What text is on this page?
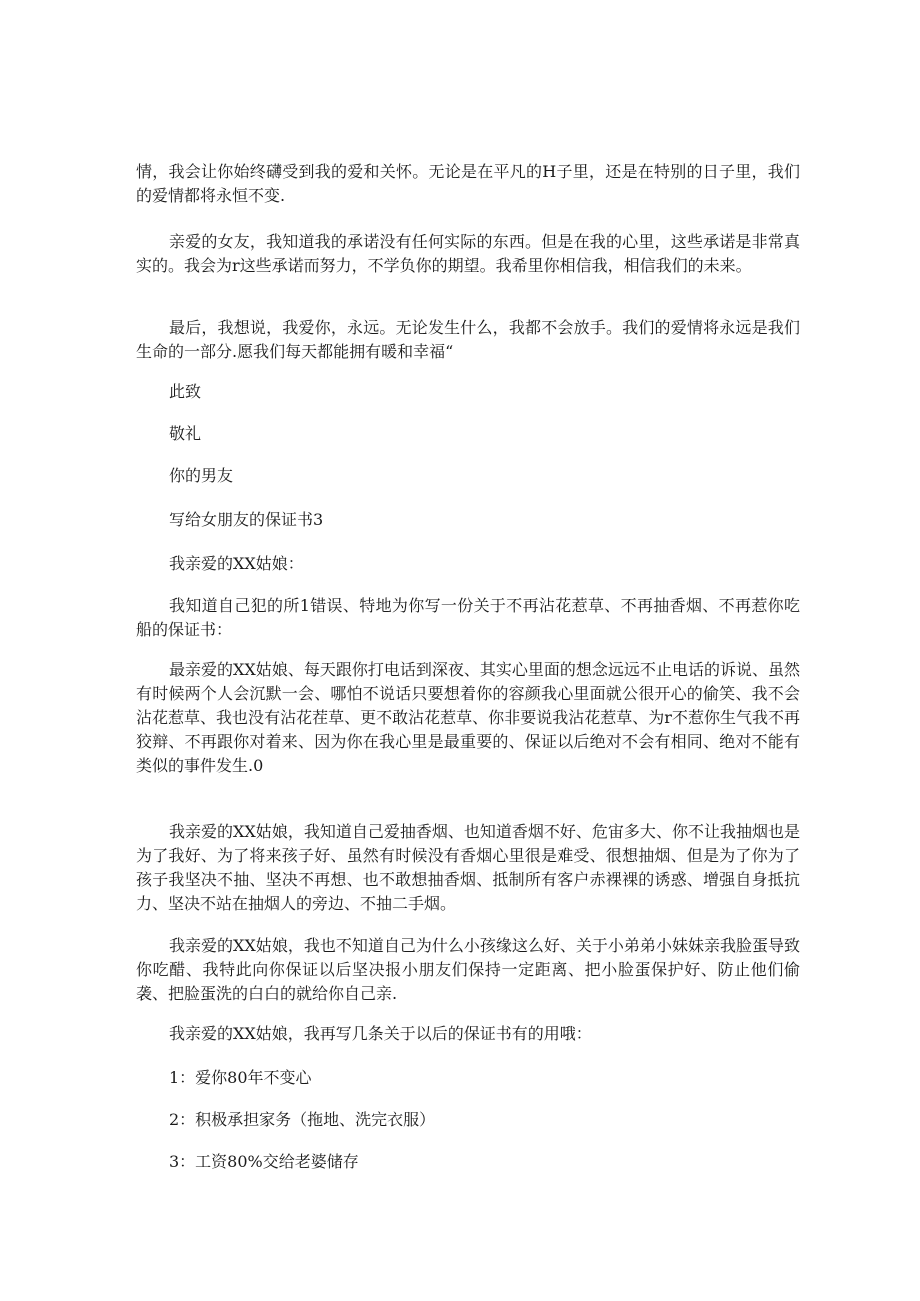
情，我会让你始终礴受到我的爱和关怀。无论是在平凡的H子里，还是在特别的日子里，我们的爱情都将永恒不变.

亲爱的女友，我知道我的承诺没有任何实际的东西。但是在我的心里，这些承诺是非常真实的。我会为r这些承诺而努力，不学负你的期望。我希里你相信我，相信我们的未来。

最后，我想说，我爱你，永远。无论发生什么，我都不会放手。我们的爱情将永远是我们生命的一部分.愿我们每天都能拥有暖和幸福“

此致

敬礼

你的男友

写给女朋友的保证书3

我亲爱的XX姑娘：

我知道自己犯的所1错误、特地为你写一份关于不再沾花惹草、不再抽香烟、不再惹你吃船的保证书：

最亲爱的XX姑娘、每天跟你打电话到深夜、其实心里面的想念远远不止电话的诉说、虽然有时候两个人会沉默一会、哪怕不说话只要想着你的容颜我心里面就公很开心的偷笑、我不会沾花惹草、我也没有沾花茬草、更不敢沾花惹草、你非要说我沾花惹草、为r不惹你生气我不再狡辩、不再跟你对着来、因为你在我心里是最重要的、保证以后绝对不会有相同、绝对不能有类似的事件发生.0

我亲爱的XX姑娘，我知道自己爱抽香烟、也知道香烟不好、危宙多大、你不让我抽烟也是为了我好、为了将来孩子好、虽然有时候没有香烟心里很是难受、很想抽烟、但是为了你为了孩子我坚决不抽、坚决不再想、也不敢想抽香烟、抵制所有客户赤裸裸的诱惑、增强自身抵抗力、坚决不站在抽烟人的旁边、不抽二手烟。

我亲爱的XX姑娘，我也不知道自己为什么小孩缘这么好、关于小弟弟小妹妹亲我脸蛋导致你吃醋、我特此向你保证以后坚决报小朋友们保持一定距离、把小脸蛋保护好、防止他们偷袭、把脸蛋洗的白白的就给你自己亲.

我亲爱的XX姑娘，我再写几条关于以后的保证书有的用哦：

1：爱你80年不变心

2：积极承担家务（拖地、洗完衣服）

3：工资80%交给老婆储存
